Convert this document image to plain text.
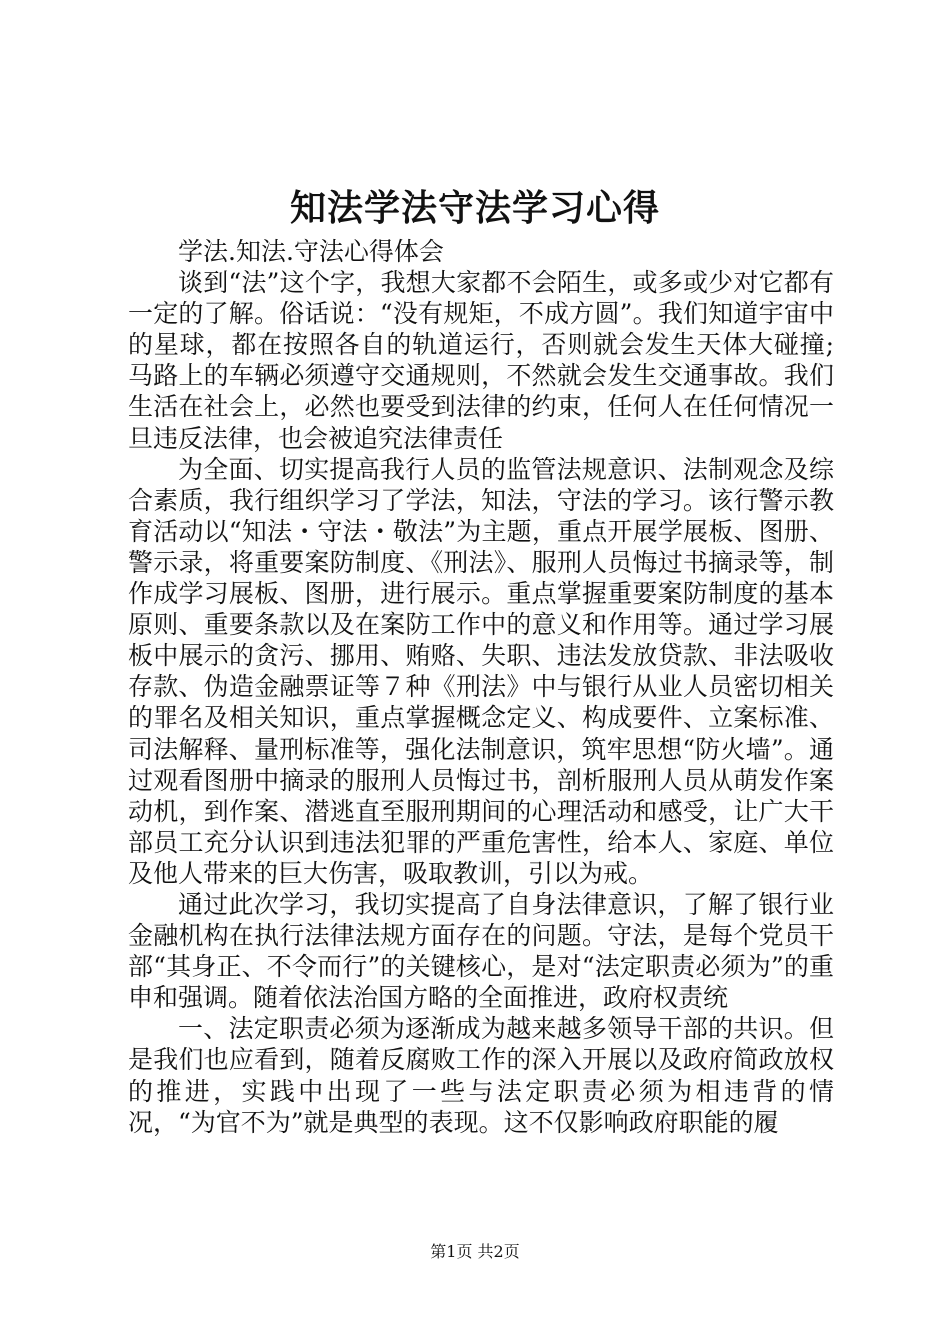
知法学法守法学习心得

学法.知法.守法心得体会

谈到“法”这个字，我想大家都不会陌生，或多或少对它都有一定的了解。俗话说：“没有规矩，不成方圆”。我们知道宇宙中的星球，都在按照各自的轨道运行，否则就会发生天体大碰撞;马路上的车辆必须遵守交通规则，不然就会发生交通事故。我们生活在社会上，必然也要受到法律的约束，任何人在任何情况一旦违反法律，也会被追究法律责任

为全面、切实提高我行人员的监管法规意识、法制观念及综合素质，我行组织学习了学法，知法，守法的学习。该行警示教育活动以“知法・守法・敬法”为主题，重点开展学展板、图册、警示录，将重要案防制度、《刑法》、服刑人员悔过书摘录等，制作成学习展板、图册，进行展示。重点掌握重要案防制度的基本原则、重要条款以及在案防工作中的意义和作用等。通过学习展板中展示的贪污、挪用、贿赂、失职、违法发放贷款、非法吸收存款、伪造金融票证等７种《刑法》中与银行从业人员密切相关的罪名及相关知识，重点掌握概念定义、构成要件、立案标准、司法解释、量刑标准等，强化法制意识，筑牢思想“防火墙”。通过观看图册中摘录的服刑人员悔过书，剖析服刑人员从萌发作案动机，到作案、潜逃直至服刑期间的心理活动和感受，让广大干部员工充分认识到违法犯罪的严重危害性，给本人、家庭、单位及他人带来的巨大伤害，吸取教训，引以为戒。

通过此次学习，我切实提高了自身法律意识，了解了银行业金融机构在执行法律法规方面存在的问题。守法，是每个党员干部“其身正、不令而行”的关键核心，是对“法定职责必须为”的重申和强调。随着依法治国方略的全面推进，政府权责统

一、法定职责必须为逐渐成为越来越多领导干部的共识。但是我们也应看到，随着反腐败工作的深入开展以及政府简政放权的推进，实践中出现了一些与法定职责必须为相违背的情况，“为官不为”就是典型的表现。这不仅影响政府职能的履

第1页 共2页
